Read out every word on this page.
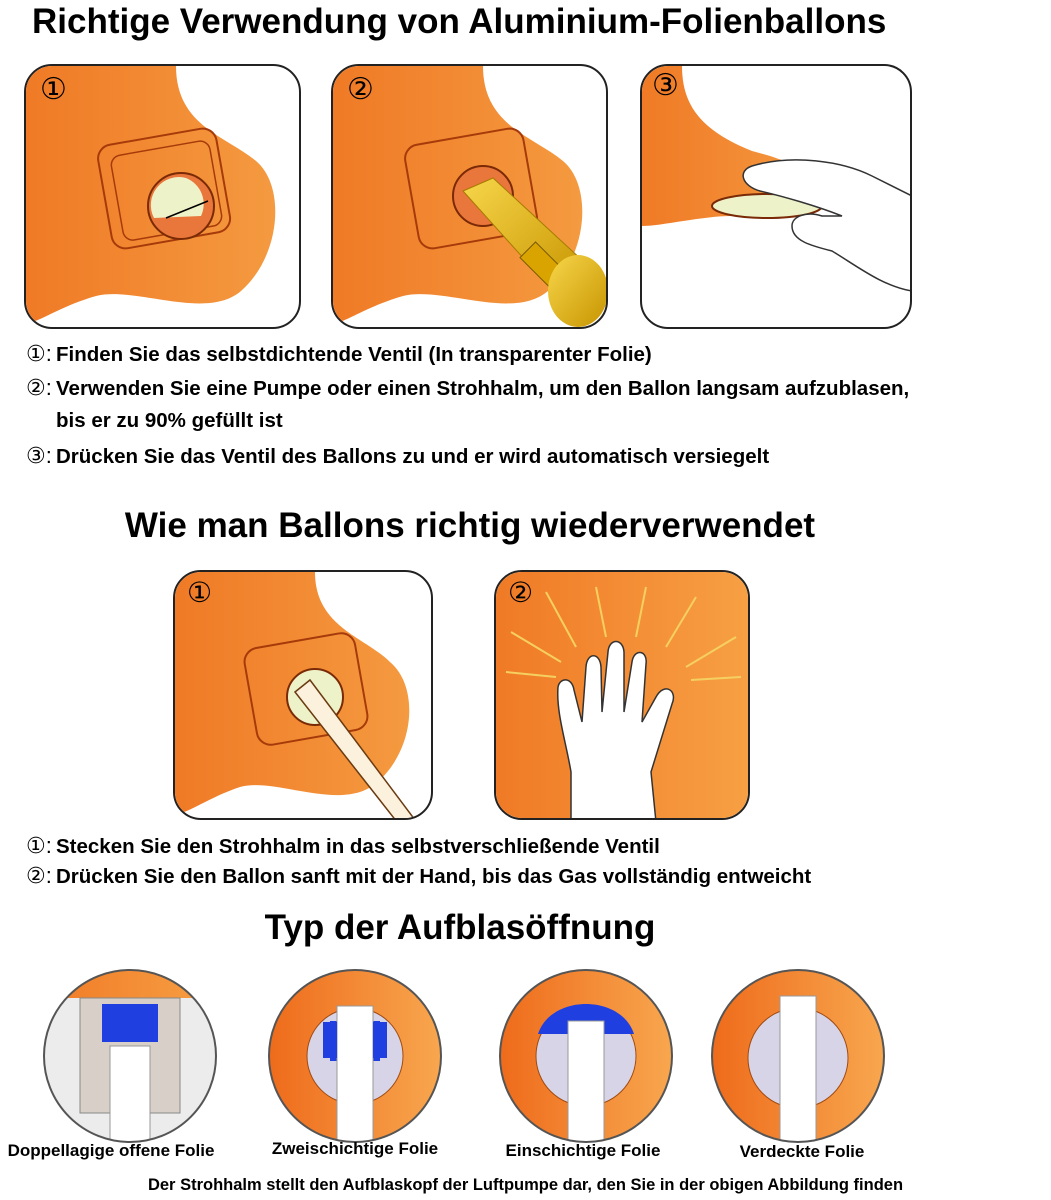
Richtige Verwendung von Aluminium-Folienballons
①	②	③
①: Finden Sie das selbstdichtende Ventil (In transparenter Folie)
②: Verwenden Sie eine Pumpe oder einen Strohhalm, um den Ballon langsam aufzublasen,
bis er zu 90% gefüllt ist
③: Drücken Sie das Ventil des Ballons zu und er wird automatisch versiegelt
Wie man Ballons richtig wiederverwendet
①	②
①: Stecken Sie den Strohhalm in das selbstverschließende Ventil
②: Drücken Sie den Ballon sanft mit der Hand, bis das Gas vollständig entweicht
Typ der Aufblasöffnung
Doppellagige offene Folie	Zweischichtige Folie	Einschichtige Folie	Verdeckte Folie
Der Strohhalm stellt den Aufblaskopf der Luftpumpe dar, den Sie in der obigen Abbildung finden
